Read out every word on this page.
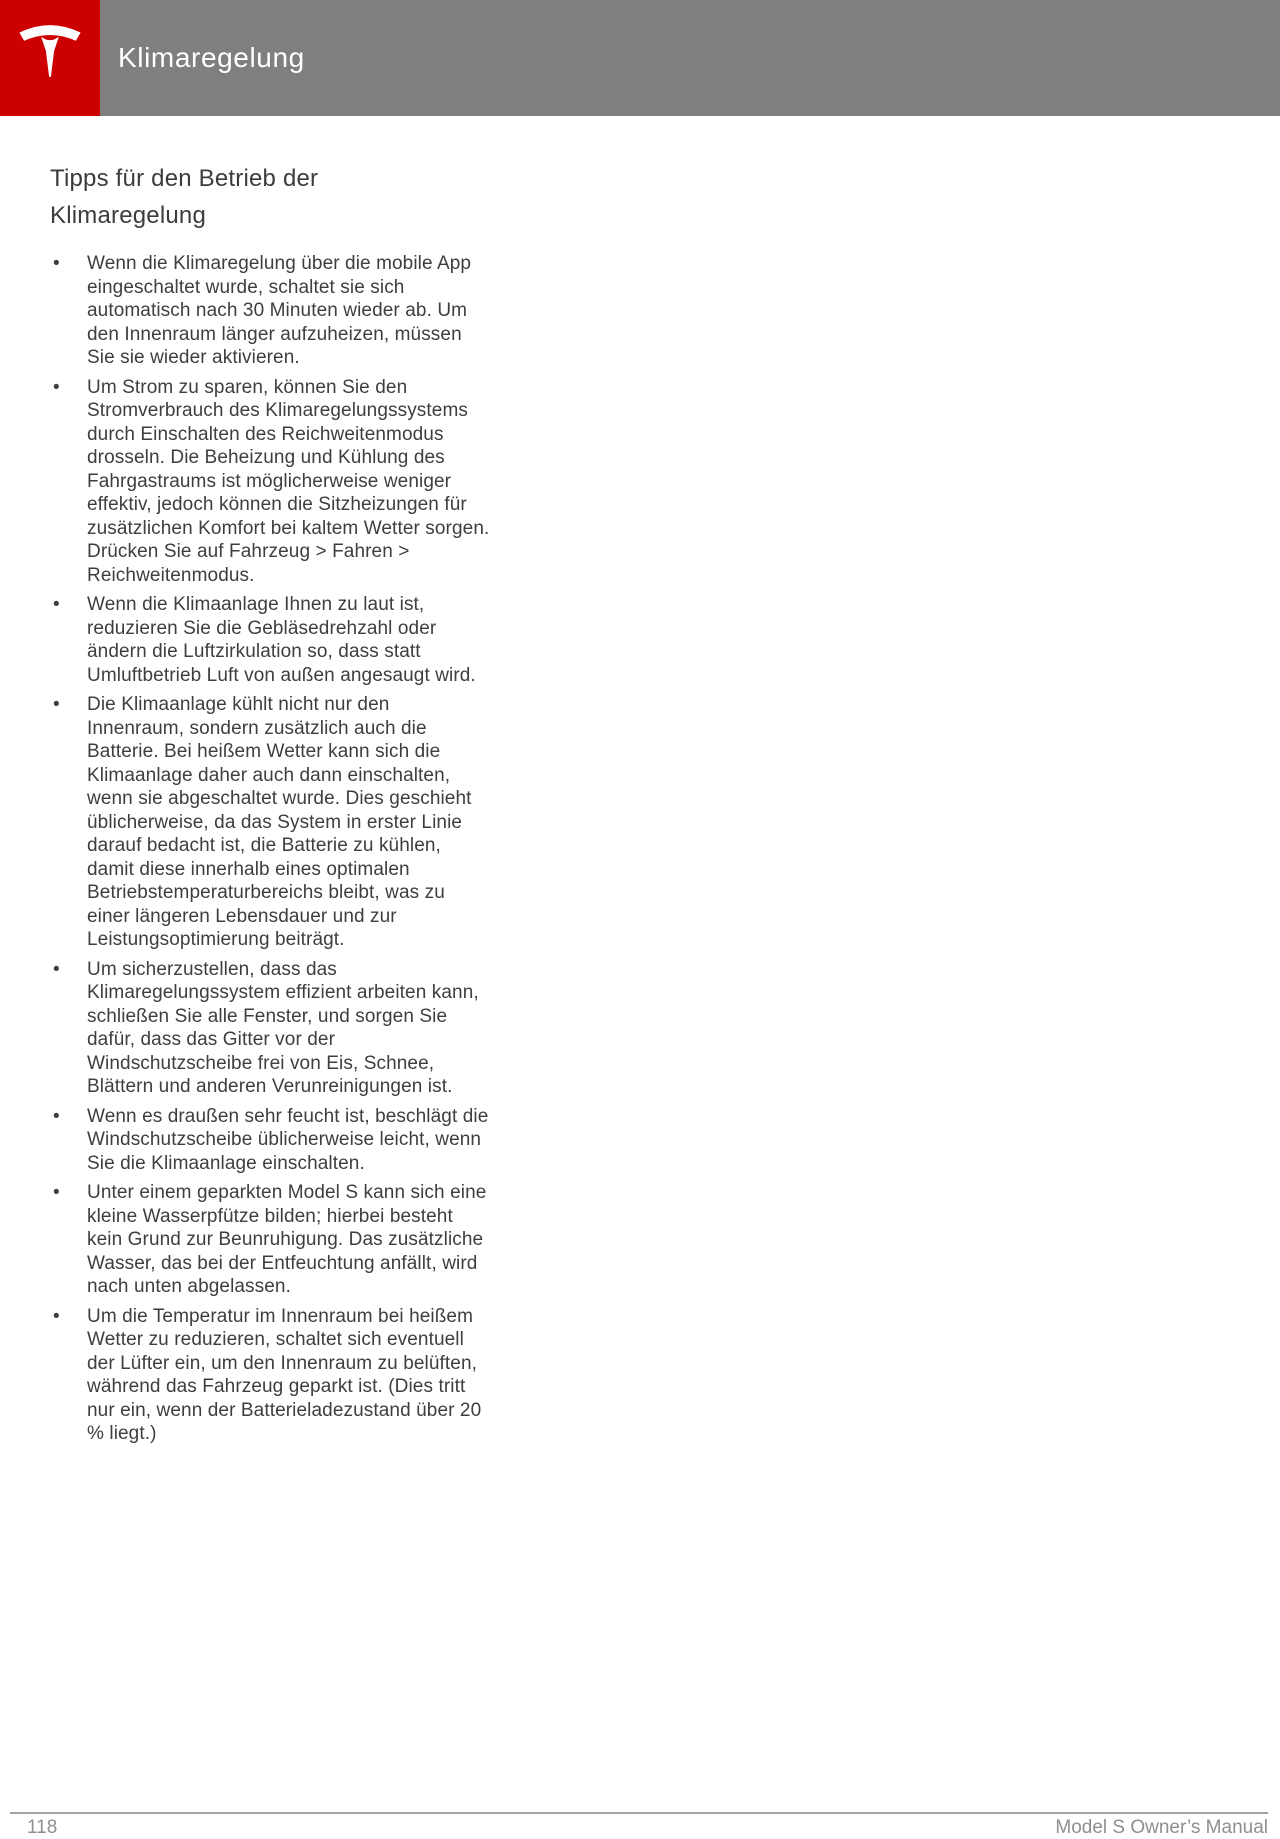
Klimaregelung
Tipps für den Betrieb der Klimaregelung
• Wenn die Klimaregelung über die mobile App eingeschaltet wurde, schaltet sie sich automatisch nach 30 Minuten wieder ab. Um den Innenraum länger aufzuheizen, müssen Sie sie wieder aktivieren.
• Um Strom zu sparen, können Sie den Stromverbrauch des Klimaregelungssystems durch Einschalten des Reichweitenmodus drosseln. Die Beheizung und Kühlung des Fahrgastraums ist möglicherweise weniger effektiv, jedoch können die Sitzheizungen für zusätzlichen Komfort bei kaltem Wetter sorgen. Drücken Sie auf Fahrzeug > Fahren > Reichweitenmodus.
• Wenn die Klimaanlage Ihnen zu laut ist, reduzieren Sie die Gebläsedrehzahl oder ändern die Luftzirkulation so, dass statt Umluftbetrieb Luft von außen angesaugt wird.
• Die Klimaanlage kühlt nicht nur den Innenraum, sondern zusätzlich auch die Batterie. Bei heißem Wetter kann sich die Klimaanlage daher auch dann einschalten, wenn sie abgeschaltet wurde. Dies geschieht üblicherweise, da das System in erster Linie darauf bedacht ist, die Batterie zu kühlen, damit diese innerhalb eines optimalen Betriebstemperaturbereichs bleibt, was zu einer längeren Lebensdauer und zur Leistungsoptimierung beiträgt.
• Um sicherzustellen, dass das Klimaregelungssystem effizient arbeiten kann, schließen Sie alle Fenster, und sorgen Sie dafür, dass das Gitter vor der Windschutzscheibe frei von Eis, Schnee, Blättern und anderen Verunreinigungen ist.
• Wenn es draußen sehr feucht ist, beschlägt die Windschutzscheibe üblicherweise leicht, wenn Sie die Klimaanlage einschalten.
• Unter einem geparkten Model S kann sich eine kleine Wasserpfütze bilden; hierbei besteht kein Grund zur Beunruhigung. Das zusätzliche Wasser, das bei der Entfeuchtung anfällt, wird nach unten abgelassen.
• Um die Temperatur im Innenraum bei heißem Wetter zu reduzieren, schaltet sich eventuell der Lüfter ein, um den Innenraum zu belüften, während das Fahrzeug geparkt ist. (Dies tritt nur ein, wenn der Batterieladezustand über 20 % liegt.)
118	Model S Owner’s Manual
